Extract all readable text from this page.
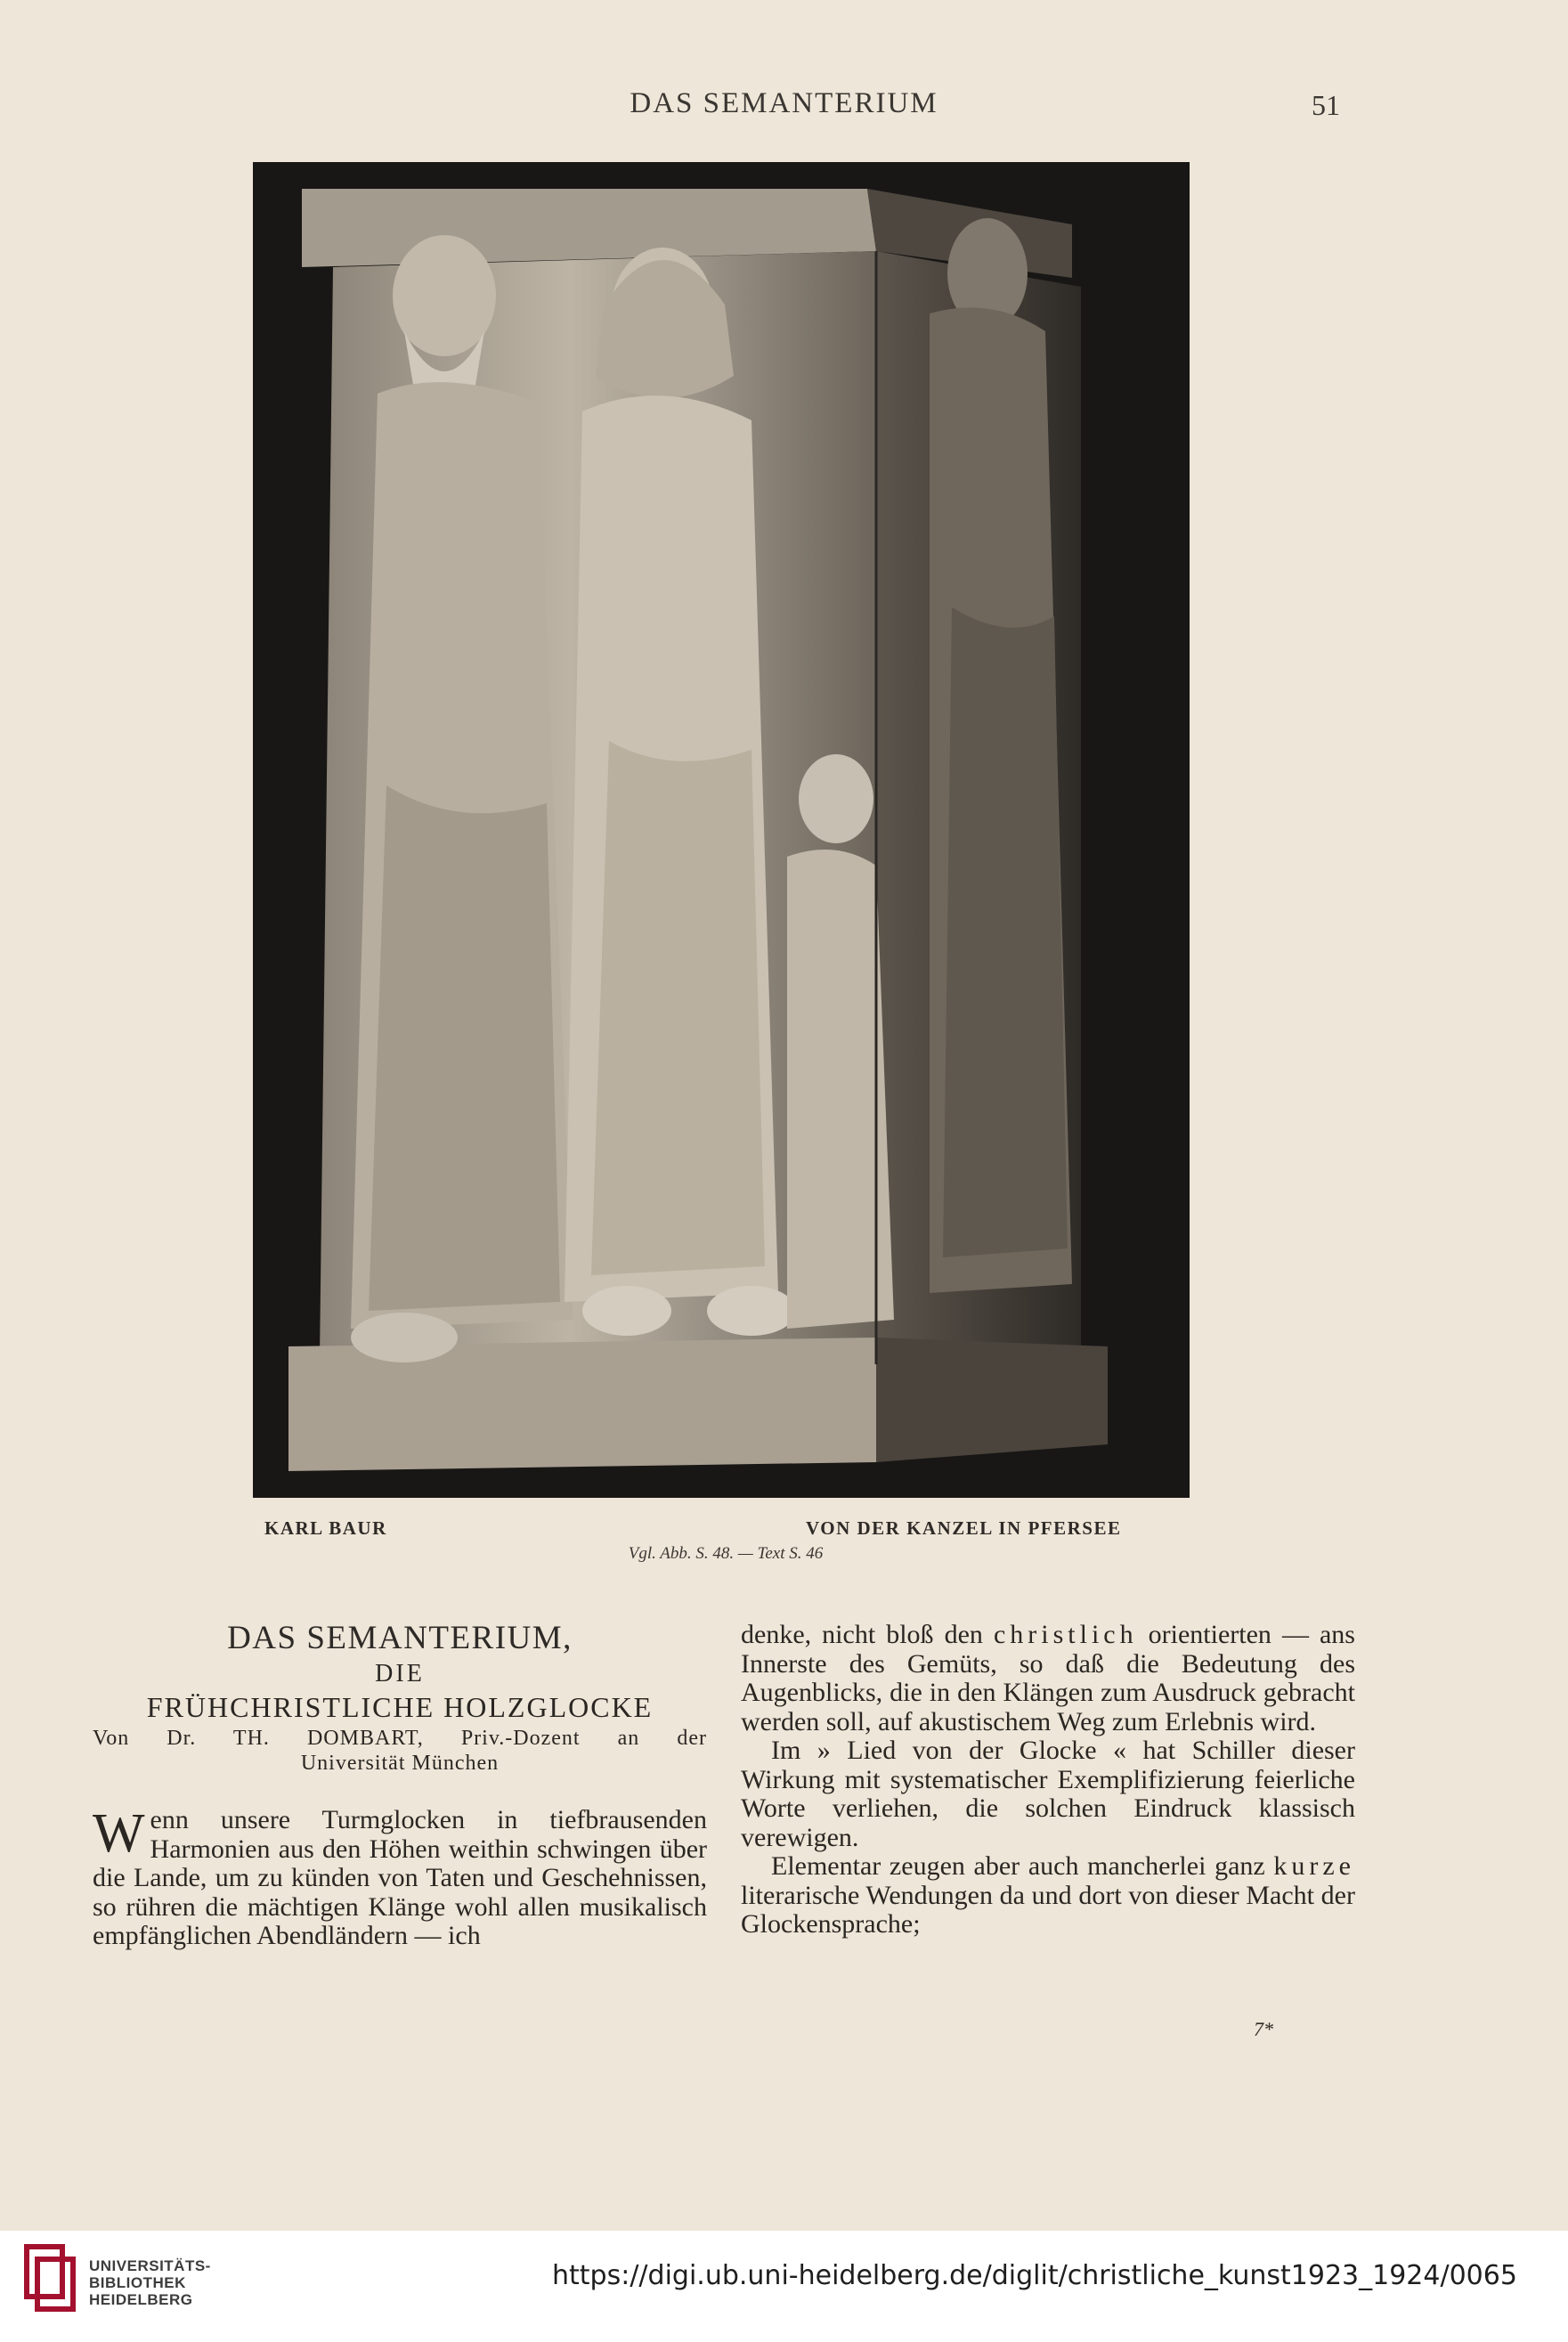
DAS SEMANTERIUM	51
KARL BAUR	VON DER KANZEL IN PFERSEE
Vgl. Abb. S. 48. — Text S. 46
DAS SEMANTERIUM,
DIE
FRÜHCHRISTLICHE HOLZGLOCKE
Von Dr. TH. DOMBART, Priv.-Dozent an der
Universität München

Wenn unsere Turmglocken in tiefbrausenden Harmonien aus den Höhen weithin schwingen über die Lande, um zu künden von Taten und Geschehnissen, so rühren die mächtigen Klänge wohl allen musikalisch empfänglichen Abendländern — ich

denke, nicht bloß den christlich orientierten — ans Innerste des Gemüts, so daß die Bedeutung des Augenblicks, die in den Klängen zum Ausdruck gebracht werden soll, auf akustischem Weg zum Erlebnis wird.

Im » Lied von der Glocke « hat Schiller dieser Wirkung mit systematischer Exemplifizierung feierliche Worte verliehen, die solchen Eindruck klassisch verewigen.

Elementar zeugen aber auch mancherlei ganz kurze literarische Wendungen da und dort von dieser Macht der Glockensprache;

7*
UNIVERSITÄTS-
BIBLIOTHEK
HEIDELBERG
https://digi.ub.uni-heidelberg.de/diglit/christliche_kunst1923_1924/0065
